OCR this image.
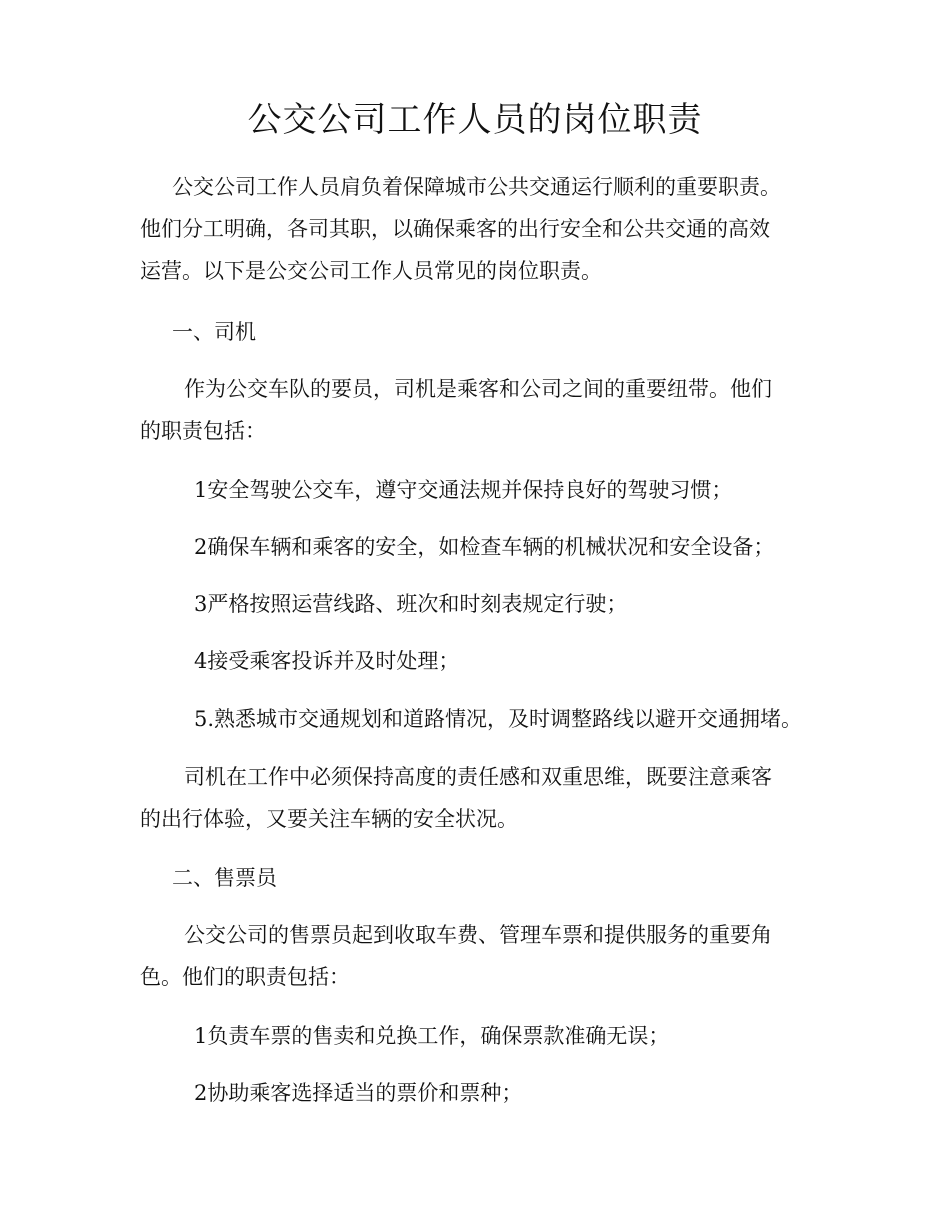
公交公司工作人员的岗位职责
公交公司工作人员肩负着保障城市公共交通运行顺利的重要职责。
他们分工明确，各司其职，以确保乘客的出行安全和公共交通的高效
运营。以下是公交公司工作人员常见的岗位职责。
一、司机
作为公交车队的要员，司机是乘客和公司之间的重要纽带。他们
的职责包括：
1安全驾驶公交车，遵守交通法规并保持良好的驾驶习惯；
2确保车辆和乘客的安全，如检查车辆的机械状况和安全设备；
3严格按照运营线路、班次和时刻表规定行驶；
4接受乘客投诉并及时处理；
5.熟悉城市交通规划和道路情况，及时调整路线以避开交通拥堵。
司机在工作中必须保持高度的责任感和双重思维，既要注意乘客
的出行体验，又要关注车辆的安全状况。
二、售票员
公交公司的售票员起到收取车费、管理车票和提供服务的重要角
色。他们的职责包括：
1负责车票的售卖和兑换工作，确保票款准确无误；
2协助乘客选择适当的票价和票种；
